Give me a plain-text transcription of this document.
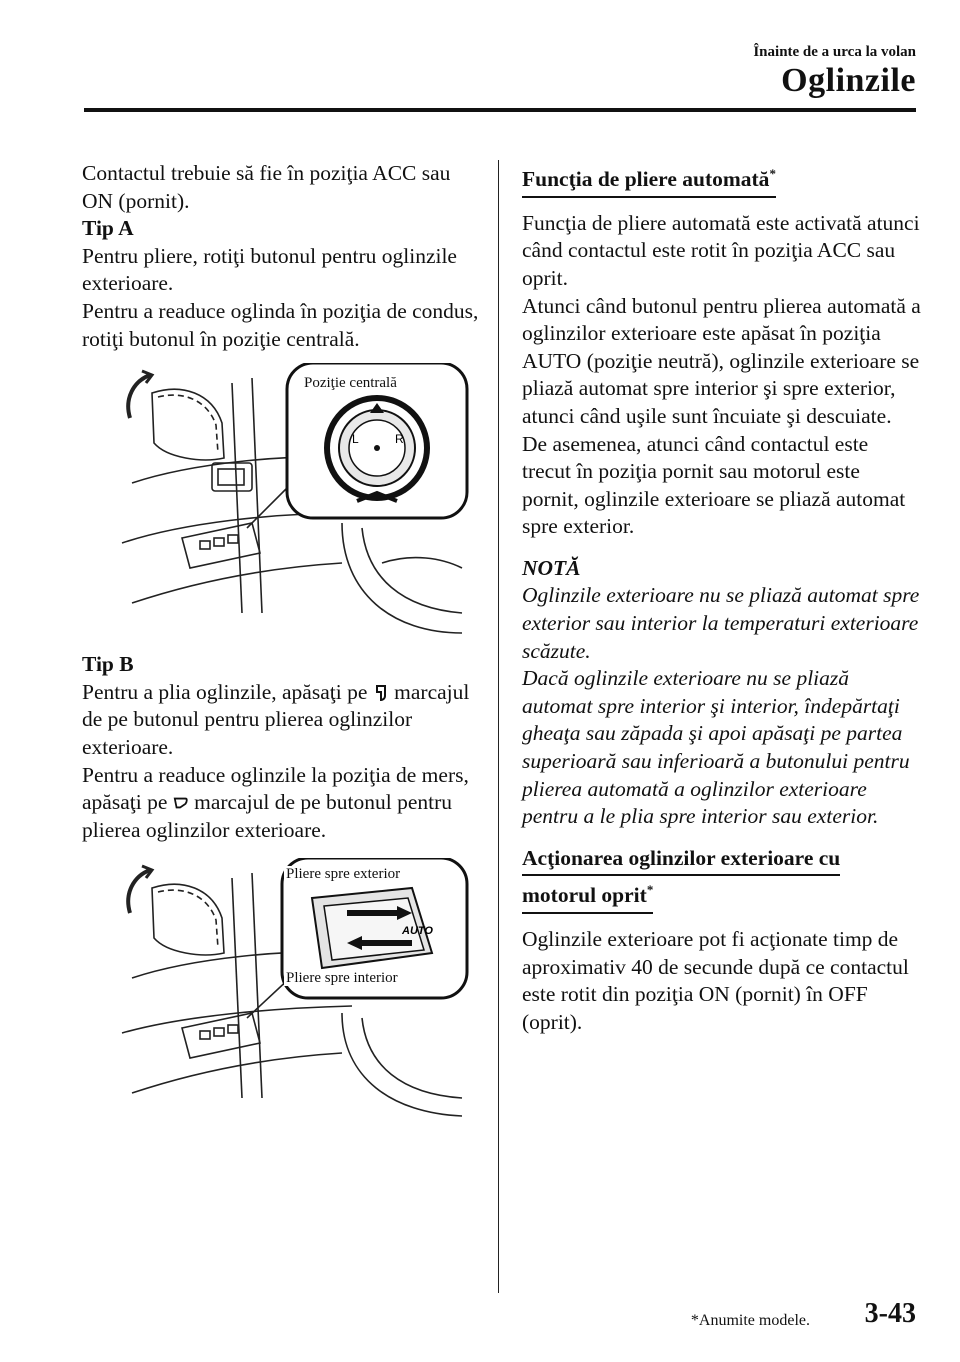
Înainte de a urca la volan
Oglinzile

Contactul trebuie să fie în poziţia ACC sau ON (pornit).

Tip A

Pentru pliere, rotiţi butonul pentru oglinzile exterioare.

Pentru a readuce oglinda în poziţia de condus, rotiţi butonul în poziţie centrală.

L	R
Poziţie centrală

Tip B

Pentru a plia oglinzile, apăsaţi pe marcajul de pe butonul pentru plierea oglinzilor exterioare.

Pentru a readuce oglinzile la poziţia de mers, apăsaţi pe marcajul de pe butonul pentru plierea oglinzilor exterioare.

AUTO
Pliere spre exterior
Pliere spre interior

Funcţia de pliere automată*

Funcţia de pliere automată este activată atunci când contactul este rotit în poziţia ACC sau oprit.

Atunci când butonul pentru plierea automată a oglinzilor exterioare este apăsat în poziţia AUTO (poziţie neutră), oglinzile exterioare se pliază automat spre interior şi spre exterior, atunci când uşile sunt încuiate şi descuiate.

De asemenea, atunci când contactul este trecut în poziţia pornit sau motorul este pornit, oglinzile exterioare se pliază automat spre exterior.

NOTĂ

Oglinzile exterioare nu se pliază automat spre exterior sau interior la temperaturi exterioare scăzute.

Dacă oglinzile exterioare nu se pliază automat spre interior şi interior, îndepărtaţi gheaţa sau zăpada şi apoi apăsaţi pe partea superioară sau inferioară a butonului pentru plierea automată a oglinzilor exterioare pentru a le plia spre interior sau exterior.

Acţionarea oglinzilor exterioare cu
motorul oprit*

Oglinzile exterioare pot fi acţionate timp de aproximativ 40 de secunde după ce contactul este rotit din poziţia ON (pornit) în OFF (oprit).

*Anumite modele. 3-43
